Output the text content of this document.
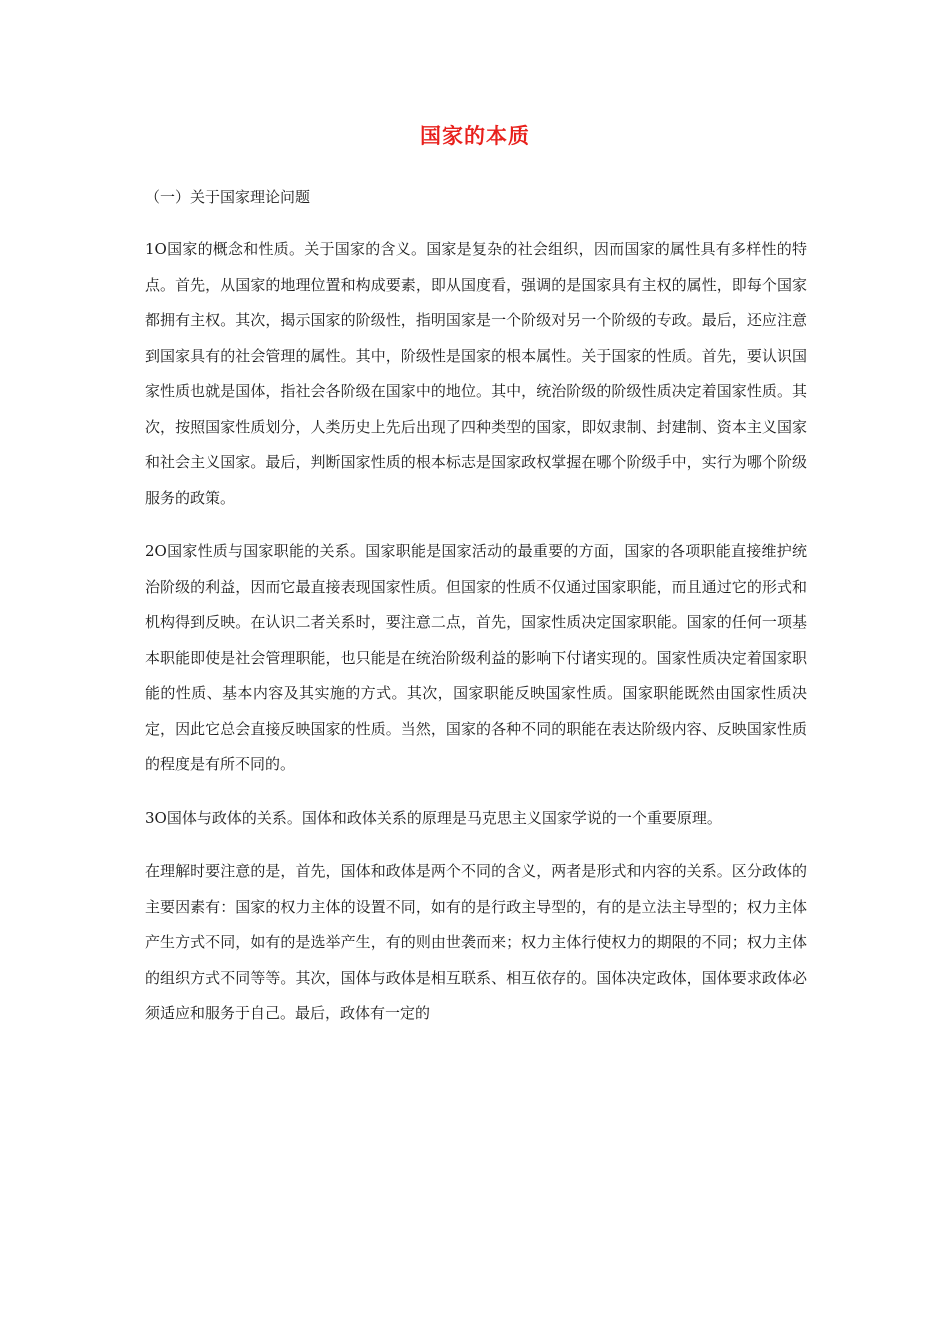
国家的本质

（一）关于国家理论问题

1O国家的概念和性质。关于国家的含义。国家是复杂的社会组织，因而国家的属性具有多样性的特点。首先，从国家的地理位置和构成要素，即从国度看，强调的是国家具有主权的属性，即每个国家都拥有主权。其次，揭示国家的阶级性，指明国家是一个阶级对另一个阶级的专政。最后，还应注意到国家具有的社会管理的属性。其中，阶级性是国家的根本属性。关于国家的性质。首先，要认识国家性质也就是国体，指社会各阶级在国家中的地位。其中，统治阶级的阶级性质决定着国家性质。其次，按照国家性质划分，人类历史上先后出现了四种类型的国家，即奴隶制、封建制、资本主义国家和社会主义国家。最后，判断国家性质的根本标志是国家政权掌握在哪个阶级手中，实行为哪个阶级服务的政策。

2O国家性质与国家职能的关系。国家职能是国家活动的最重要的方面，国家的各项职能直接维护统治阶级的利益，因而它最直接表现国家性质。但国家的性质不仅通过国家职能，而且通过它的形式和机构得到反映。在认识二者关系时，要注意二点，首先，国家性质决定国家职能。国家的任何一项基本职能即使是社会管理职能，也只能是在统治阶级利益的影响下付诸实现的。国家性质决定着国家职能的性质、基本内容及其实施的方式。其次，国家职能反映国家性质。国家职能既然由国家性质决定，因此它总会直接反映国家的性质。当然，国家的各种不同的职能在表达阶级内容、反映国家性质的程度是有所不同的。

3O国体与政体的关系。国体和政体关系的原理是马克思主义国家学说的一个重要原理。

在理解时要注意的是，首先，国体和政体是两个不同的含义，两者是形式和内容的关系。区分政体的主要因素有：国家的权力主体的设置不同，如有的是行政主导型的，有的是立法主导型的；权力主体产生方式不同，如有的是选举产生，有的则由世袭而来；权力主体行使权力的期限的不同；权力主体的组织方式不同等等。其次，国体与政体是相互联系、相互依存的。国体决定政体，国体要求政体必须适应和服务于自己。最后，政体有一定的
